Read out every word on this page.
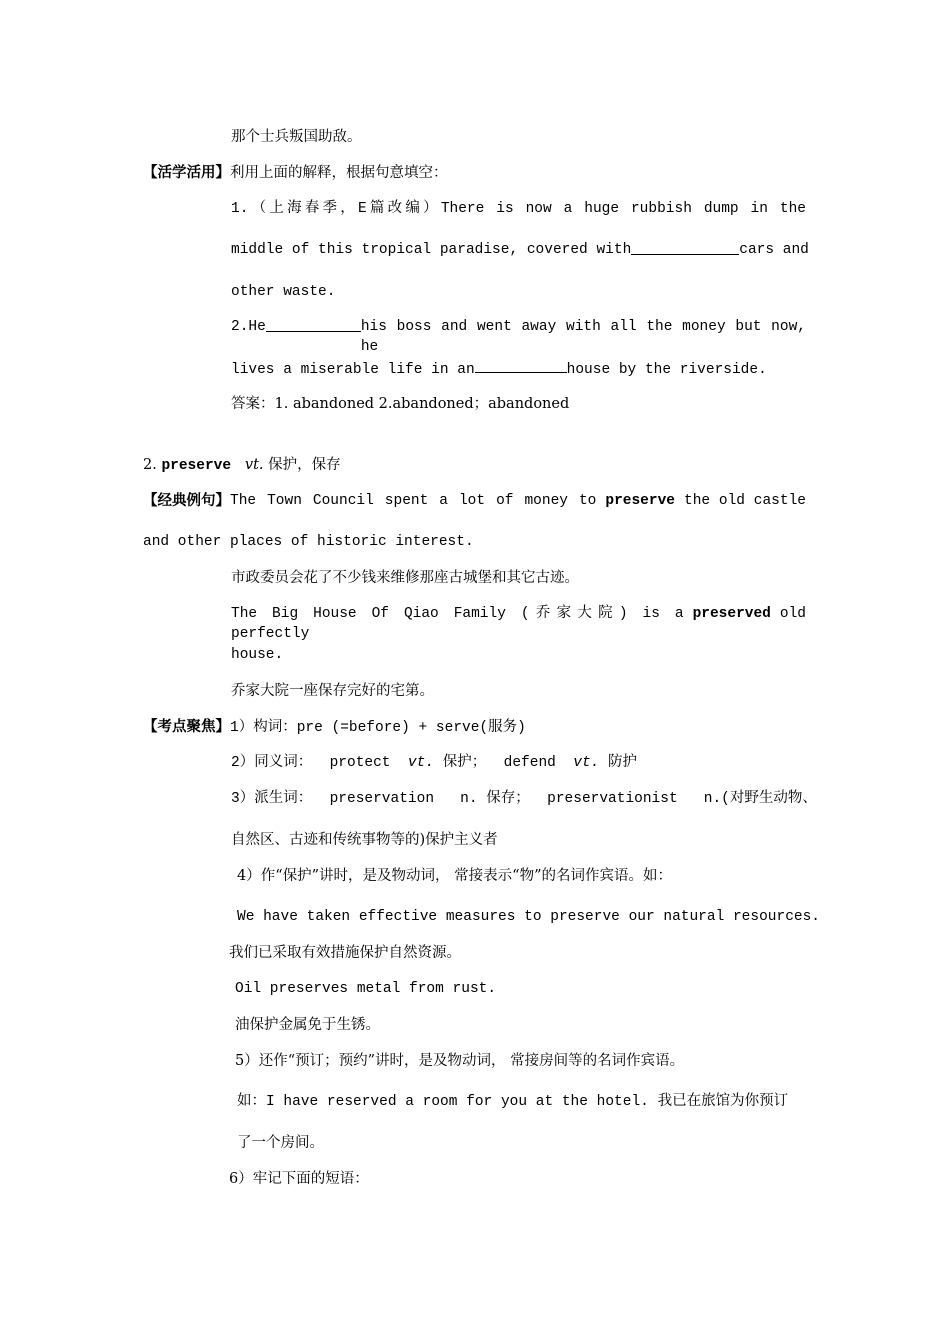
那个士兵叛国助敌。
【活学活用】利用上面的解释，根据句意填空：
1.（上海春季，E篇改编）There is now a huge rubbish dump in the
middle of this tropical paradise, covered with	cars and
other waste.
2.He	his boss and went away with all the money but now, he
lives a miserable life in an	house by the riverside.
答案：1. abandoned 2.abandoned；abandoned
2. preserve vt. 保护，保存
【经典例句】 The Town Council spent a lot of money to preserve the old castle
and other places of historic interest.
市政委员会花了不少钱来维修那座古城堡和其它古迹。
The Big House Of Qiao Family (乔家大院) is a perfectly
preserved old
house.
乔家大院一座保存完好的宅第。
【考点聚焦】1）构词：pre (=before) + serve(服务)
2）同义词：  protect  vt. 保护；  defend  vt. 防护
3）派生词：  preservation   n. 保存；  preservationist   n.(对野生动物、
自然区、古迹和传统事物等的)保护主义者
4）作“保护”讲时，是及物动词， 常接表示“物”的名词作宾语。如：
We have taken effective measures to preserve our natural resources.
我们已采取有效措施保护自然资源。
Oil preserves metal from rust.
油保护金属免于生锈。
5）还作“预订；预约”讲时，是及物动词， 常接房间等的名词作宾语。
如：I have reserved a room for you at the hotel. 我已在旅馆为你预订
了一个房间。
6）牢记下面的短语：
